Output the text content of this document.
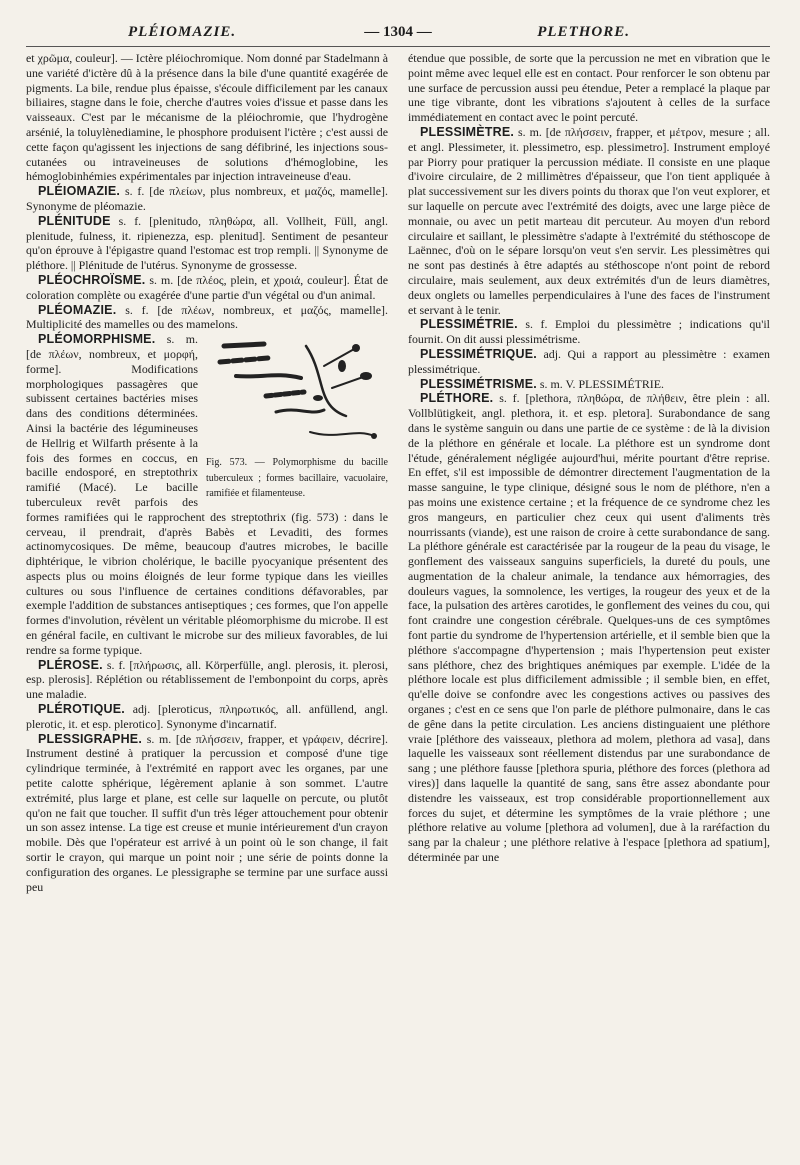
PLÉIOMAZIE.	— 1304 —	PLETHORE.

et χρῶμα, couleur]. — Ictère pléiochromique. Nom donné par Stadelmann à une variété d'ictère dû à la présence dans la bile d'une quantité exagérée de pigments. La bile, rendue plus épaisse, s'écoule difficilement par les canaux biliaires, stagne dans le foie, cherche d'autres voies d'issue et passe dans les vaisseaux. C'est par le mécanisme de la pléiochromie, que l'hydrogène arsénié, la toluylènediamine, le phosphore produisent l'ictère ; c'est aussi de cette façon qu'agissent les injections de sang défibriné, les injections sous-cutanées ou intraveineuses de solutions d'hémoglobine, les hémoglobinhémies expérimentales par injection intraveineuse d'eau.

PLÉIOMAZIE. s. f. [de πλείων, plus nombreux, et μαζός, mamelle]. Synonyme de pléomazie.

PLÉNITUDE s. f. [plenitudo, πληθώρα, all. Vollheit, Füll, angl. plenitude, fulness, it. ripienezza, esp. plenitud]. Sentiment de pesanteur qu'on éprouve à l'épigastre quand l'estomac est trop rempli. || Synonyme de pléthore. || Plénitude de l'utérus. Synonyme de grossesse.

PLÉOCHROÏSME. s. m. [de πλέος, plein, et χροιά, couleur]. État de coloration complète ou exagérée d'une partie d'un végétal ou d'un animal.

PLÉOMAZIE. s. f. [de πλέων, nombreux, et μαζός, mamelle]. Multiplicité des mamelles ou des mamelons.

Fig. 573. — Polymorphisme du bacille tuberculeux ; formes bacillaire, vacuolaire, ramifiée et filamenteuse.
PLÉOMORPHISME. s. m. [de πλέων, nombreux, et μορφή, forme]. Modifications morphologiques passagères que subissent certaines bactéries mises dans des conditions déterminées. Ainsi la bactérie des légumineuses de Hellrig et Wilfarth présente à la fois des formes en coccus, en bacille endosporé, en streptothrix ramifié (Macé). Le bacille tuberculeux revêt parfois des formes ramifiées qui le rapprochent des streptothrix (fig. 573) : dans le cerveau, il prendrait, d'après Babès et Levaditi, des formes actinomycosiques. De même, beaucoup d'autres microbes, le bacille diphtérique, le vibrion cholérique, le bacille pyocyanique présentent des aspects plus ou moins éloignés de leur forme typique dans les vieilles cultures ou sous l'influence de certaines conditions défavorables, par exemple l'addition de substances antiseptiques ; ces formes, que l'on appelle formes d'involution, révèlent un véritable pléomorphisme du microbe. Il est en général facile, en cultivant le microbe sur des milieux favorables, de lui rendre sa forme typique.

PLÉROSE. s. f. [πλήρωσις, all. Körperfülle, angl. plerosis, it. plerosi, esp. plerosis]. Réplétion ou rétablissement de l'embonpoint du corps, après une maladie.

PLÉROTIQUE. adj. [pleroticus, πληρωτικός, all. anfüllend, angl. plerotic, it. et esp. plerotico]. Synonyme d'incarnatif.

PLESSIGRAPHE. s. m. [de πλήσσειν, frapper, et γράφειν, décrire]. Instrument destiné à pratiquer la percussion et composé d'une tige cylindrique terminée, à l'extrémité en rapport avec les organes, par une petite calotte sphérique, légèrement aplanie à son sommet. L'autre extrémité, plus large et plane, est celle sur laquelle on percute, ou plutôt qu'on ne fait que toucher. Il suffit d'un très léger attouchement pour obtenir un son assez intense. La tige est creuse et munie intérieurement d'un crayon mobile. Dès que l'opérateur est arrivé à un point où le son change, il fait sortir le crayon, qui marque un point noir ; une série de points donne la configuration des organes. Le plessigraphe se termine par une surface aussi peu

étendue que possible, de sorte que la percussion ne met en vibration que le point même avec lequel elle est en contact. Pour renforcer le son obtenu par une surface de percussion aussi peu étendue, Peter a remplacé la plaque par une tige vibrante, dont les vibrations s'ajoutent à celles de la surface immédiatement en contact avec le point percuté.

PLESSIMÈTRE. s. m. [de πλήσσειν, frapper, et μέτρον, mesure ; all. et angl. Plessimeter, it. plessimetro, esp. plessimetro]. Instrument employé par Piorry pour pratiquer la percussion médiate. Il consiste en une plaque d'ivoire circulaire, de 2 millimètres d'épaisseur, que l'on tient appliquée à plat successivement sur les divers points du thorax que l'on veut explorer, et sur laquelle on percute avec l'extrémité des doigts, avec une large pièce de monnaie, ou avec un petit marteau dit percuteur. Au moyen d'un rebord circulaire et saillant, le plessimètre s'adapte à l'extrémité du stéthoscope de Laënnec, d'où on le sépare lorsqu'on veut s'en servir. Les plessimètres qui ne sont pas destinés à être adaptés au stéthoscope n'ont point de rebord circulaire, mais seulement, aux deux extrémités d'un de leurs diamètres, deux onglets ou lamelles perpendiculaires à l'une des faces de l'instrument et servant à le tenir.

PLESSIMÉTRIE. s. f. Emploi du plessimètre ; indications qu'il fournit. On dit aussi plessimétrisme.

PLESSIMÉTRIQUE. adj. Qui a rapport au plessimètre : examen plessimétrique.

PLESSIMÉTRISME. s. m. V. PLESSIMÉTRIE.

PLÉTHORE. s. f. [plethora, πληθώρα, de πλήθειν, être plein : all. Vollblütigkeit, angl. plethora, it. et esp. pletora]. Surabondance de sang dans le système sanguin ou dans une partie de ce système : de là la division de la pléthore en générale et locale. La pléthore est un syndrome dont l'étude, généralement négligée aujourd'hui, mérite pourtant d'être reprise. En effet, s'il est impossible de démontrer directement l'augmentation de la masse sanguine, le type clinique, désigné sous le nom de pléthore, n'en a pas moins une existence certaine ; et la fréquence de ce syndrome chez les gros mangeurs, en particulier chez ceux qui usent d'aliments très nourrissants (viande), est une raison de croire à cette surabondance de sang. La pléthore générale est caractérisée par la rougeur de la peau du visage, le gonflement des vaisseaux sanguins superficiels, la dureté du pouls, une augmentation de la chaleur animale, la tendance aux hémorragies, des douleurs vagues, la somnolence, les vertiges, la rougeur des yeux et de la face, la pulsation des artères carotides, le gonflement des veines du cou, qui font craindre une congestion cérébrale. Quelques-uns de ces symptômes font partie du syndrome de l'hypertension artérielle, et il semble bien que la pléthore s'accompagne d'hypertension ; mais l'hypertension peut exister sans pléthore, chez des brightiques anémiques par exemple. L'idée de la pléthore locale est plus difficilement admissible ; il semble bien, en effet, qu'elle doive se confondre avec les congestions actives ou passives des organes ; c'est en ce sens que l'on parle de pléthore pulmonaire, dans le cas de gêne dans la petite circulation. Les anciens distinguaient une pléthore vraie [pléthore des vaisseaux, plethora ad molem, plethora ad vasa], dans laquelle les vaisseaux sont réellement distendus par une surabondance de sang ; une pléthore fausse [plethora spuria, pléthore des forces (plethora ad vires)] dans laquelle la quantité de sang, sans être assez abondante pour distendre les vaisseaux, est trop considérable proportionnellement aux forces du sujet, et détermine les symptômes de la vraie pléthore ; une pléthore relative au volume [plethora ad volumen], due à la raréfaction du sang par la chaleur ; une pléthore relative à l'espace [plethora ad spatium], déterminée par une
